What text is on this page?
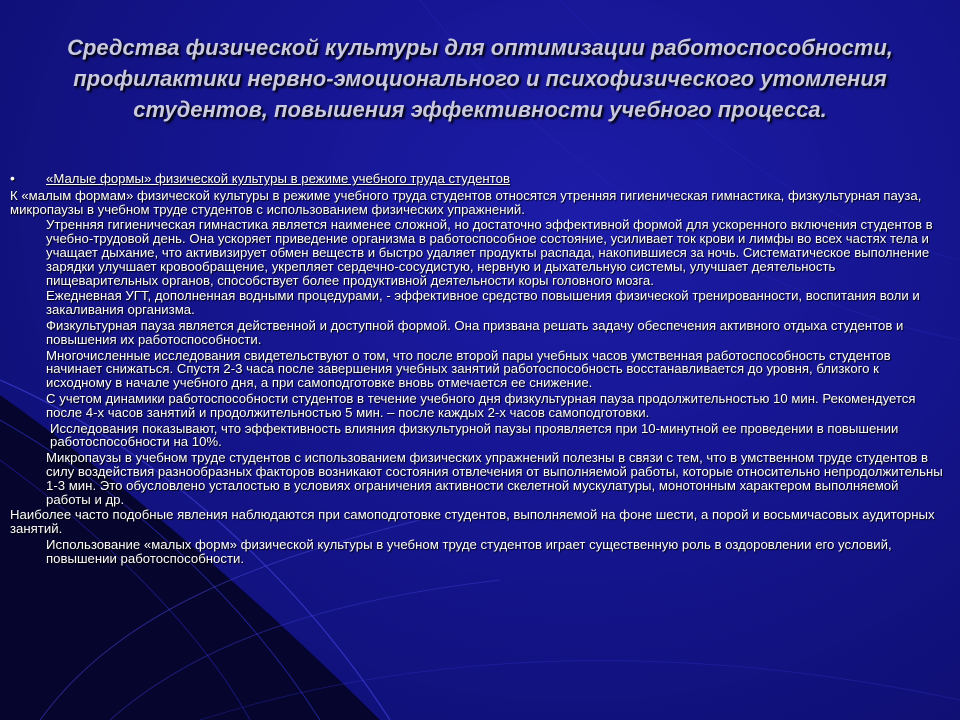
Средства физической культуры для оптимизации работоспособности, профилактики нервно-эмоционального и психофизического утомления студентов, повышения эффективности учебного процесса.
• «Малые формы» физической культуры в режиме учебного труда студентов
К «малым формам» физической культуры в режиме учебного труда студентов относятся утренняя гигиеническая гимнастика, физкультурная пауза, микропаузы в учебном труде студентов с использованием физических упражнений.
Утренняя гигиеническая гимнастика является наименее сложной, но достаточно эффективной формой для ускоренного включения студентов в учебно-трудовой день. Она ускоряет приведение организма в работоспособное состояние, усиливает ток крови и лимфы во всех частях тела и учащает дыхание, что активизирует обмен веществ и быстро удаляет продукты распада, накопившиеся за ночь. Систематическое выполнение зарядки улучшает кровообращение, укрепляет сердечно-сосудистую, нервную и дыхательную системы, улучшает деятельность пищеварительных органов, способствует более продуктивной деятельности коры головного мозга.
Ежедневная УГТ, дополненная водными процедурами, - эффективное средство повышения физической тренированности, воспитания воли и закаливания организма.
Физкультурная пауза является действенной и доступной формой. Она призвана решать задачу обеспечения активного отдыха студентов и повышения их работоспособности.
Многочисленные исследования свидетельствуют о том, что после второй пары учебных часов умственная работоспособность студентов начинает снижаться. Спустя 2-3 часа после завершения учебных занятий работоспособность восстанавливается до уровня, близкого к исходному в начале учебного дня, а при самоподготовке вновь отмечается ее снижение.
С учетом динамики работоспособности студентов в течение учебного дня физкультурная пауза продолжительностью 10 мин. Рекомендуется после 4-х часов занятий и продолжительностью 5 мин. – после каждых 2-х часов самоподготовки.
Исследования показывают, что эффективность влияния физкультурной паузы проявляется при 10-минутной ее проведении в повышении работоспособности на 10%.
Микропаузы в учебном труде студентов с использованием физических упражнений полезны в связи с тем, что в умственном труде студентов в силу воздействия разнообразных факторов возникают состояния отвлечения от выполняемой работы, которые относительно непродолжительны 1-3 мин. Это обусловлено усталостью в условиях ограничения активности скелетной мускулатуры, монотонным характером выполняемой работы и др.
Наиболее часто подобные явления наблюдаются при самоподготовке студентов, выполняемой на фоне шести, а порой и восьмичасовых аудиторных занятий.
Использование «малых форм» физической культуры в учебном труде студентов играет существенную роль в оздоровлении его условий, повышении работоспособности.
